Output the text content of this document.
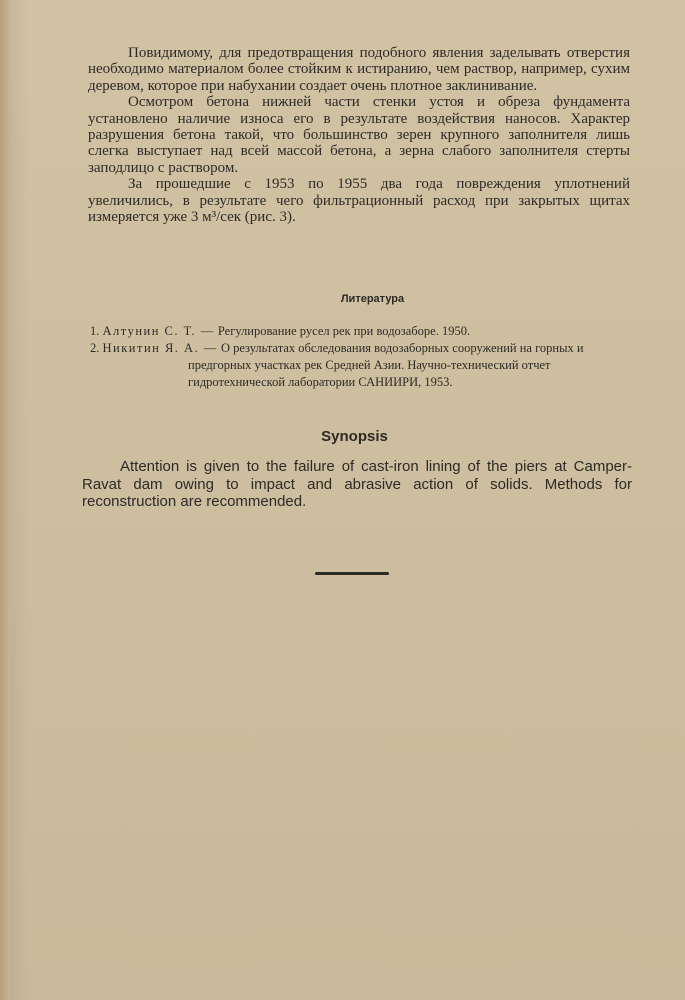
Повидимому, для предотвращения подобного явления заделывать отверстия необходимо материалом более стойким к истиранию, чем раствор, например, сухим деревом, которое при набухании создает очень плотное заклинивание.

Осмотром бетона нижней части стенки устоя и обреза фундамента установлено наличие износа его в результате воздействия наносов. Характер разрушения бетона такой, что большинство зерен крупного заполнителя лишь слегка выступает над всей массой бетона, а зерна слабого заполнителя стерты заподлицо с раствором.

За прошедшие с 1953 по 1955 два года повреждения уплотнений увеличились, в результате чего фильтрационный расход при закрытых щитах измеряется уже 3 м³/сек (рис. 3).

Литература
1. Алтунин С. Т. — Регулирование русел рек при водозаборе. 1950.
2. Никитин Я. А. — О результатах обследования водозаборных сооружений на горных и предгорных участках рек Средней Азии. Научно-технический отчет гидротехнической лаборатории САНИИРИ, 1953.
Synopsis

Attention is given to the failure of cast-iron lining of the piers at Camper-Ravat dam owing to impact and abrasive action of solids. Methods for reconstruction are recommended.
